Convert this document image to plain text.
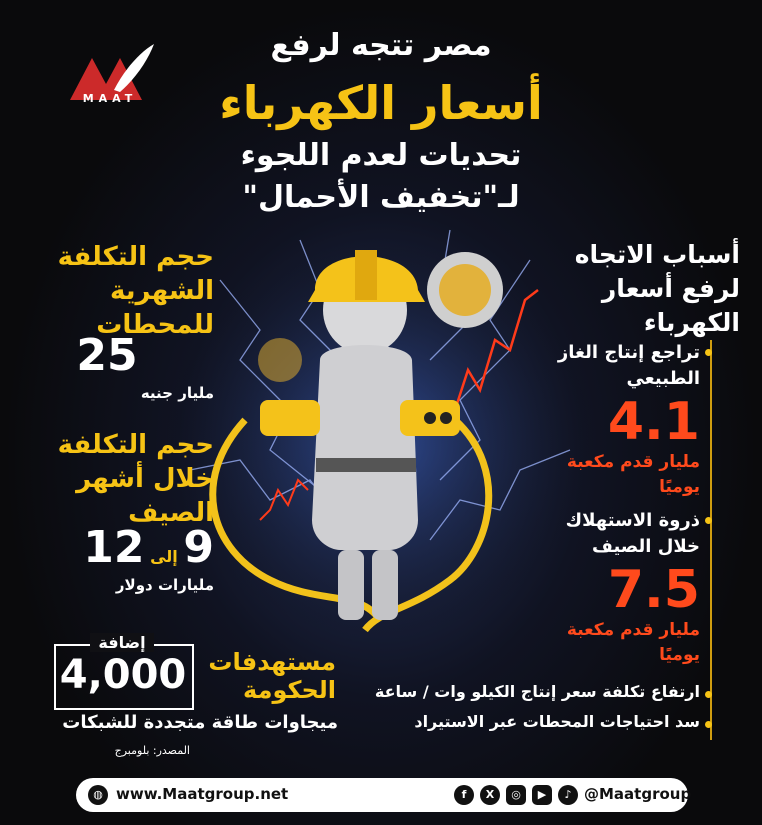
MAAT
مصر تتجه لرفع
أسعار الكهرباء
تحديات لعدم اللجوء
لـ"تخفيف الأحمال"
حجم التكلفة
الشهرية
للمحطات
25
مليار جنيه
حجم التكلفة
خلال أشهر
الصيف
9 إلى 12
مليارات دولار
إضافة
4,000 مستهدفات
الحكومة
ميجاوات طاقة متجددة للشبكات
المصدر: بلومبرج
أسباب الاتجاه
لرفع أسعار
الكهرباء
تراجع إنتاج الغاز الطبيعي
4.1
مليار قدم مكعبة يوميًا
ذروة الاستهلاك خلال الصيف
7.5
مليار قدم مكعبة يوميًا
ارتفاع تكلفة سعر إنتاج الكيلو وات / ساعة
سد احتياجات المحطات عبر الاستيراد
◍ www.Maatgroup.net	@Maatgroup
f	X	◎	▶	♪
